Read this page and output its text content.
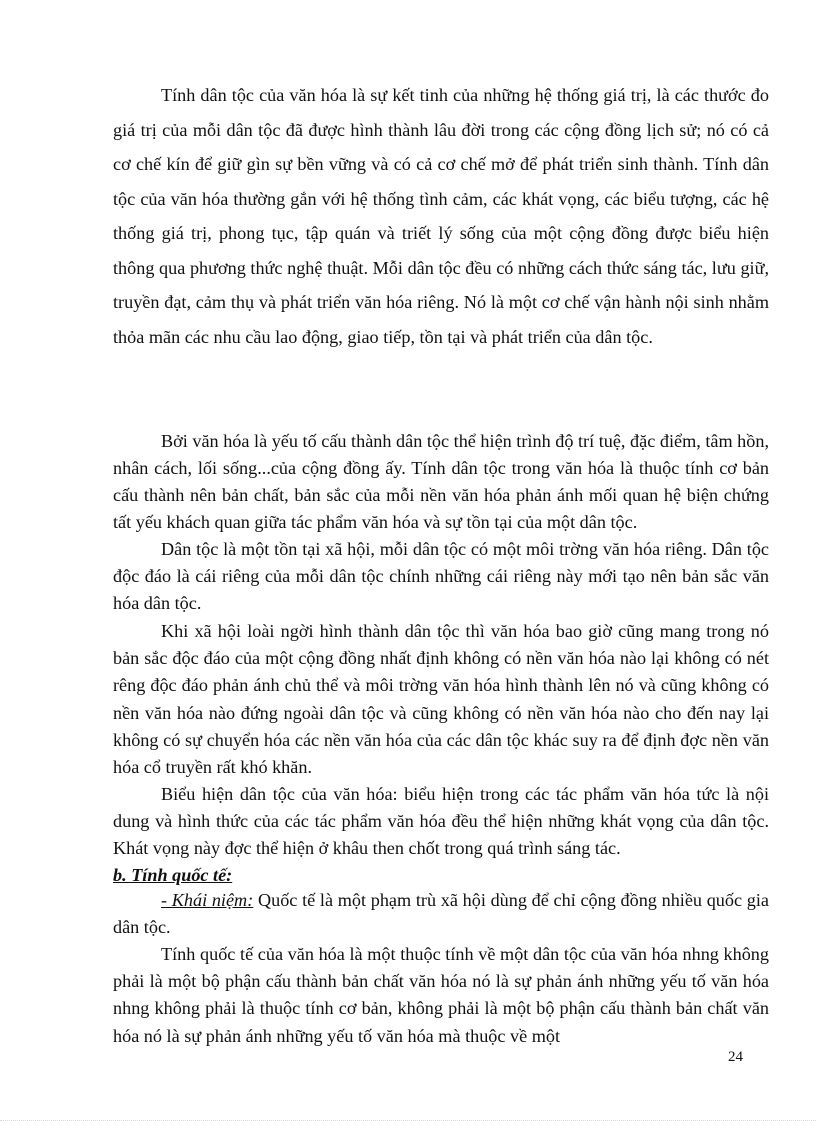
Tính dân tộc của văn hóa là sự kết tinh của những hệ thống giá trị, là các thước đo giá trị của mỗi dân tộc đã được hình thành lâu đời trong các cộng đồng lịch sử; nó có cả cơ chế kín để giữ gìn sự bền vững và có cả cơ chế mở để phát triển sinh thành. Tính dân tộc của văn hóa thường gắn với hệ thống tình cảm, các khát vọng, các biểu tượng, các hệ thống giá trị, phong tục, tập quán và triết lý sống của một cộng đồng được biểu hiện thông qua phương thức nghệ thuật. Mỗi dân tộc đều có những cách thức sáng tác, lưu giữ, truyền đạt, cảm thụ và phát triển văn hóa riêng. Nó là một cơ chế vận hành nội sinh nhằm thỏa mãn các nhu cầu lao động, giao tiếp, tồn tại và phát triển của dân tộc.

Bởi văn hóa là yếu tố cấu thành dân tộc thể hiện trình độ trí tuệ, đặc điểm, tâm hồn, nhân cách, lối sống...của cộng đồng ấy. Tính dân tộc trong văn hóa là thuộc tính cơ bản cấu thành nên bản chất, bản sắc của mỗi nền văn hóa phản ánh mối quan hệ biện chứng tất yếu khách quan giữa tác phẩm văn hóa và sự tồn tại của một dân tộc.

Dân tộc là một tồn tại xã hội, mỗi dân tộc có một môi trờng văn hóa riêng. Dân tộc độc đáo là cái riêng của mỗi dân tộc chính những cái riêng này mới tạo nên bản sắc văn hóa dân tộc.

Khi xã hội loài ngời hình thành dân tộc thì văn hóa bao giờ cũng mang trong nó bản sắc độc đáo của một cộng đồng nhất định không có nền văn hóa nào lại không có nét rêng độc đáo phản ánh chủ thể và môi trờng văn hóa hình thành lên nó và cũng không có nền văn hóa nào đứng ngoài dân tộc và cũng không có nền văn hóa nào cho đến nay lại không có sự chuyển hóa các nền văn hóa của các dân tộc khác suy ra để định đợc nền văn hóa cổ truyền rất khó khăn.

Biểu hiện dân tộc của văn hóa: biểu hiện trong các tác phẩm văn hóa tức là nội dung và hình thức của các tác phẩm văn hóa đều thể hiện những khát vọng của dân tộc. Khát vọng này đợc thể hiện ở khâu then chốt trong quá trình sáng tác.

b. Tính quốc tế:

- Khái niệm: Quốc tế là một phạm trù xã hội dùng để chỉ cộng đồng nhiều quốc gia dân tộc.

Tính quốc tế của văn hóa là một thuộc tính về một dân tộc của văn hóa nhng không phải là một bộ phận cấu thành bản chất văn hóa nó là sự phản ánh những yếu tố văn hóa nhng không phải là thuộc tính cơ bản, không phải là một bộ phận cấu thành bản chất văn hóa nó là sự phản ánh những yếu tố văn hóa mà thuộc về một

24
